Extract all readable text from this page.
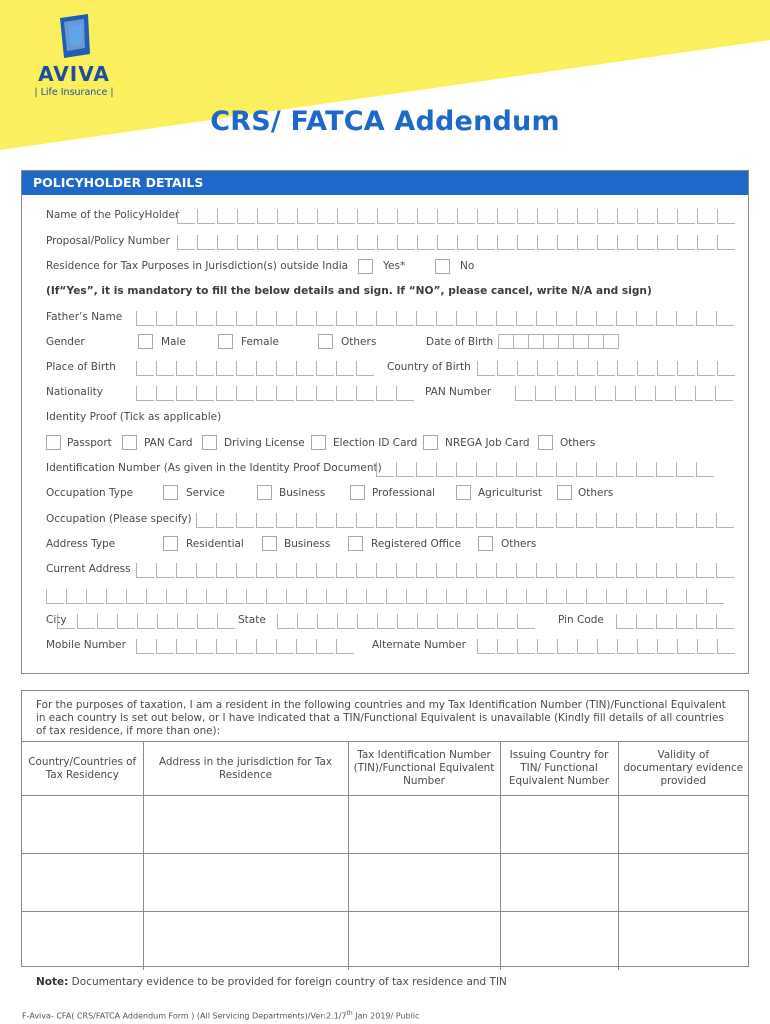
AVIVA
| Life Insurance |
CRS/ FATCA Addendum
POLICYHOLDER DETAILS
Name of the PolicyHolder
Proposal/Policy Number
Residence for Tax Purposes in Jurisdiction(s) outside India	Yes*	No
(If“Yes”, it is mandatory to fill the below details and sign. If “NO”, please cancel, write N/A and sign)
Father’s Name
Gender	Male	Female	Others	Date of Birth
Place of Birth	Country of Birth
Nationality	PAN Number
Identity Proof (Tick as applicable)
Passport	PAN Card	Driving License	Election ID Card	NREGA Job Card	Others
Identification Number (As given in the Identity Proof Document)
Occupation Type	Service	Business	Professional	Agriculturist	Others
Occupation (Please specify)
Address Type	Residential	Business	Registered Office	Others
Current Address
City	State	Pin Code
Mobile Number	Alternate Number
For the purposes of taxation, I am a resident in the following countries and my Tax Identification Number (TIN)/Functional Equivalent in each country is set out below, or I have indicated that a TIN/Functional Equivalent is unavailable (Kindly fill details of all countries of tax residence, if more than one):
Country/Countries of Tax Residency	Address in the jurisdiction for Tax Residence	Tax Identification Number (TIN)/Functional Equivalent Number	Issuing Country for TIN/ Functional Equivalent Number	Validity of documentary evidence provided

Note: Documentary evidence to be provided for foreign country of tax residence and TIN
F-Aviva- CFA( CRS/FATCA Addendum Form ) (All Servicing Departments)/Ver:2.1/7th Jan 2019/ Public
